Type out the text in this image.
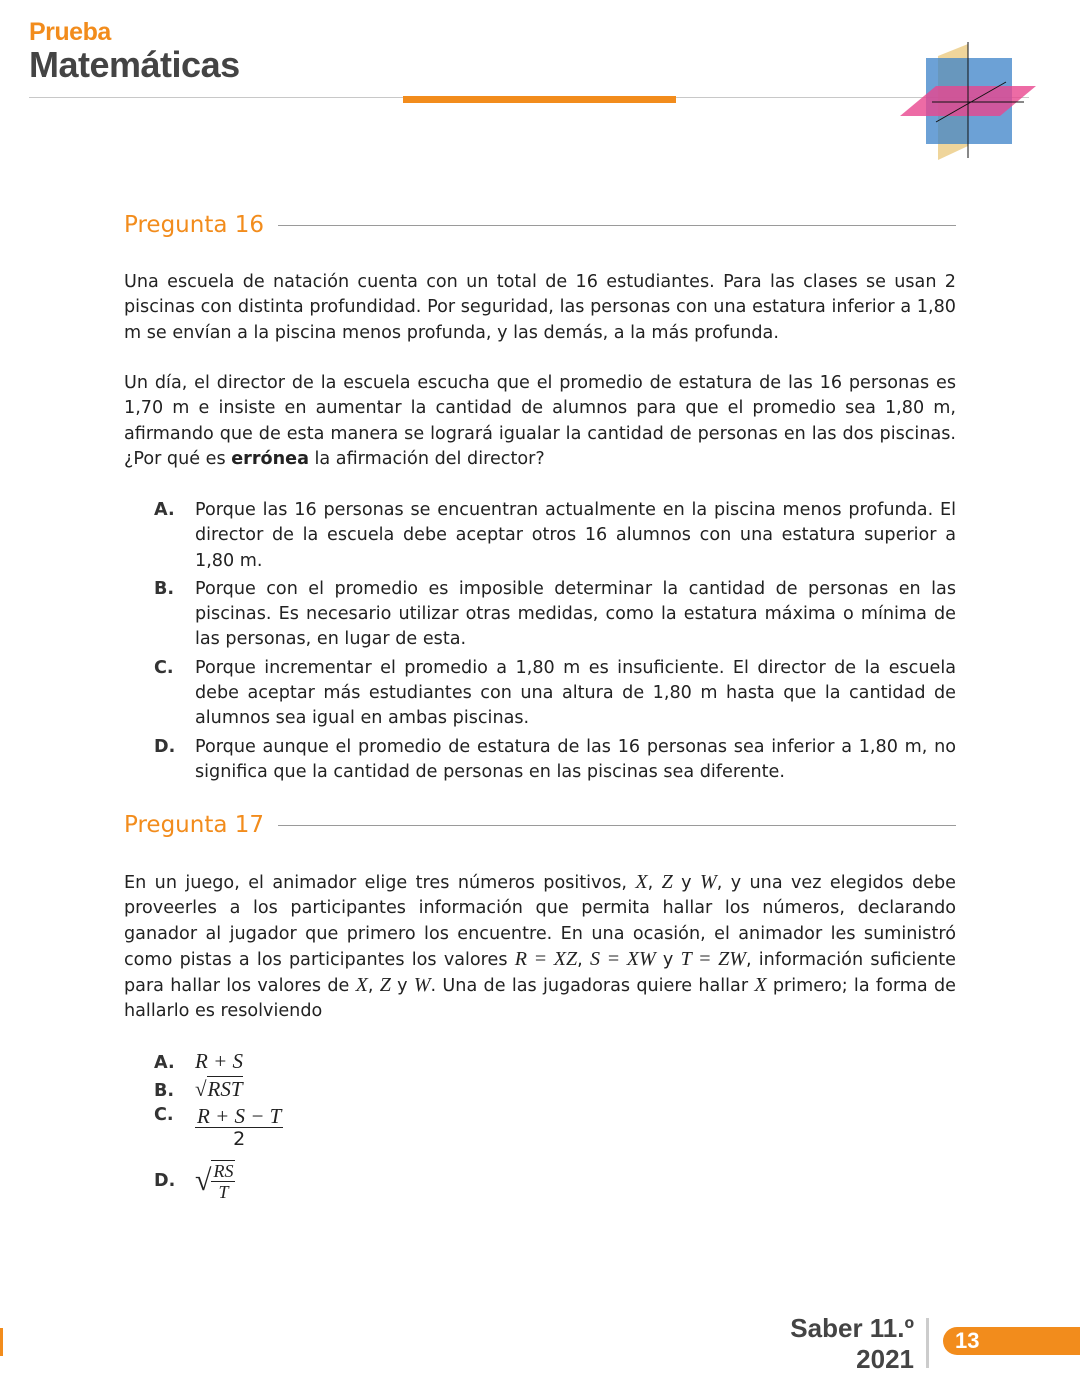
Prueba
Matemáticas
Pregunta 16
Una escuela de natación cuenta con un total de 16 estudiantes. Para las clases se usan 2 piscinas con distinta profundidad. Por seguridad, las personas con una estatura inferior a 1,80 m se envían a la piscina menos profunda, y las demás, a la más profunda.
Un día, el director de la escuela escucha que el promedio de estatura de las 16 personas es 1,70 m e insiste en aumentar la cantidad de alumnos para que el promedio sea 1,80 m, afirmando que de esta manera se logrará igualar la cantidad de personas en las dos piscinas. ¿Por qué es errónea la afirmación del director?
A.	Porque las 16 personas se encuentran actualmente en la piscina menos profunda. El director de la escuela debe aceptar otros 16 alumnos con una estatura superior a 1,80 m.
B.	Porque con el promedio es imposible determinar la cantidad de personas en las piscinas. Es necesario utilizar otras medidas, como la estatura máxima o mínima de las personas, en lugar de esta.
C.	Porque incrementar el promedio a 1,80 m es insuficiente. El director de la escuela debe aceptar más estudiantes con una altura de 1,80 m hasta que la cantidad de alumnos sea igual en ambas piscinas.
D.	Porque aunque el promedio de estatura de las 16 personas sea inferior a 1,80 m, no significa que la cantidad de personas en las piscinas sea diferente.
Pregunta 17
En un juego, el animador elige tres números positivos, X, Z y W, y una vez elegidos debe proveerles a los participantes información que permita hallar los números, declarando ganador al jugador que primero los encuentre. En una ocasión, el animador les suministró como pistas a los participantes los valores R = XZ, S = XW y T = ZW, información suficiente para hallar los valores de X, Z y W. Una de las jugadoras quiere hallar X primero; la forma de hallarlo es resolviendo
A. R + S
B. √RST
C. $\frac{R + S - T}{2}$
D. √ $\frac{RS}{T}$
Saber 11.º
2021
13
